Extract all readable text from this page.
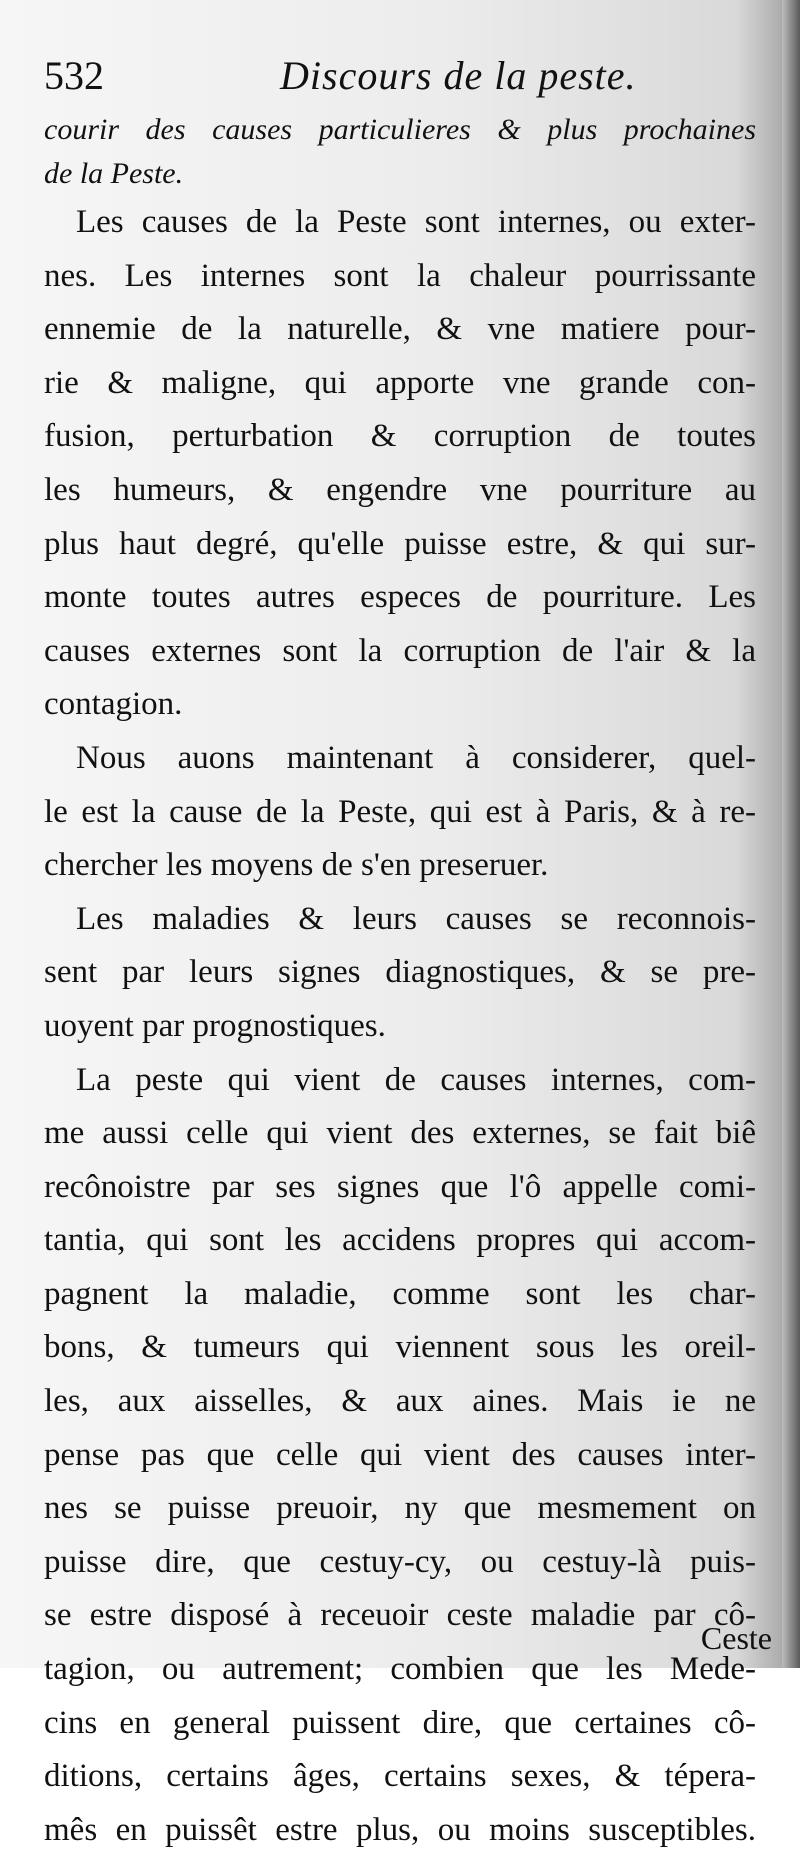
532	Discours de la peste.
courir des causes particulieres & plus prochaines
de la Peste.
Les causes de la Peste sont internes, ou exter-
nes. Les internes sont la chaleur pourrissante
ennemie de la naturelle, & vne matiere pour-
rie & maligne, qui apporte vne grande con-
fusion, perturbation & corruption de toutes
les humeurs, & engendre vne pourriture au
plus haut degré, qu'elle puisse estre, & qui sur-
monte toutes autres especes de pourriture. Les
causes externes sont la corruption de l'air & la
contagion.
Nous auons maintenant à considerer, quel-
le est la cause de la Peste, qui est à Paris, & à re-
chercher les moyens de s'en preseruer.
Les maladies & leurs causes se reconnois-
sent par leurs signes diagnostiques, & se pre-
uoyent par prognostiques.
La peste qui vient de causes internes, com-
me aussi celle qui vient des externes, se fait biê
recônoistre par ses signes que l'ô appelle comi-
tantia, qui sont les accidens propres qui accom-
pagnent la maladie, comme sont les char-
bons, & tumeurs qui viennent sous les oreil-
les, aux aisselles, & aux aines. Mais ie ne
pense pas que celle qui vient des causes inter-
nes se puisse preuoir, ny que mesmement on
puisse dire, que cestuy-cy, ou cestuy-là puis-
se estre disposé à receuoir ceste maladie par cô-
tagion, ou autrement; combien que les Mede-
cins en general puissent dire, que certaines cô-
ditions, certains âges, certains sexes, & tépera-
mês en puissêt estre plus, ou moins susceptibles.
Ceste
